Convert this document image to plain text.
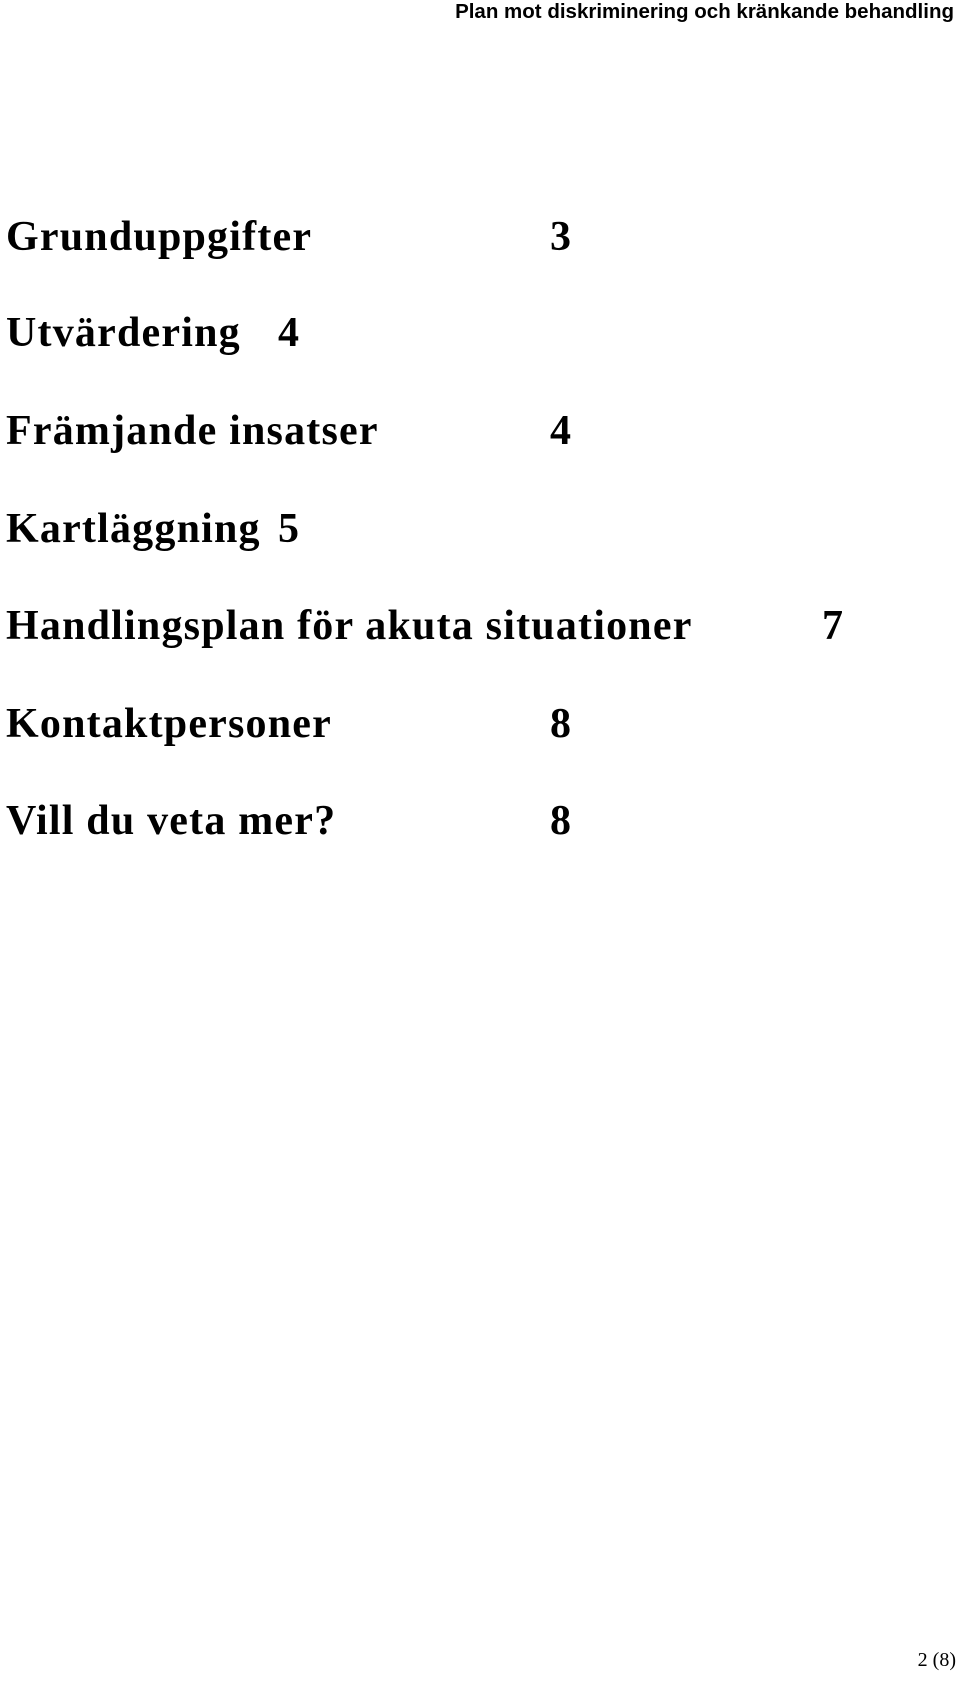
Plan mot diskriminering och kränkande behandling
Grunduppgifter	3
Utvärdering 4
Främjande insatser	4
Kartläggning 5
Handlingsplan för akuta situationer	7
Kontaktpersoner	8
Vill du veta mer?	8
2 (8)
